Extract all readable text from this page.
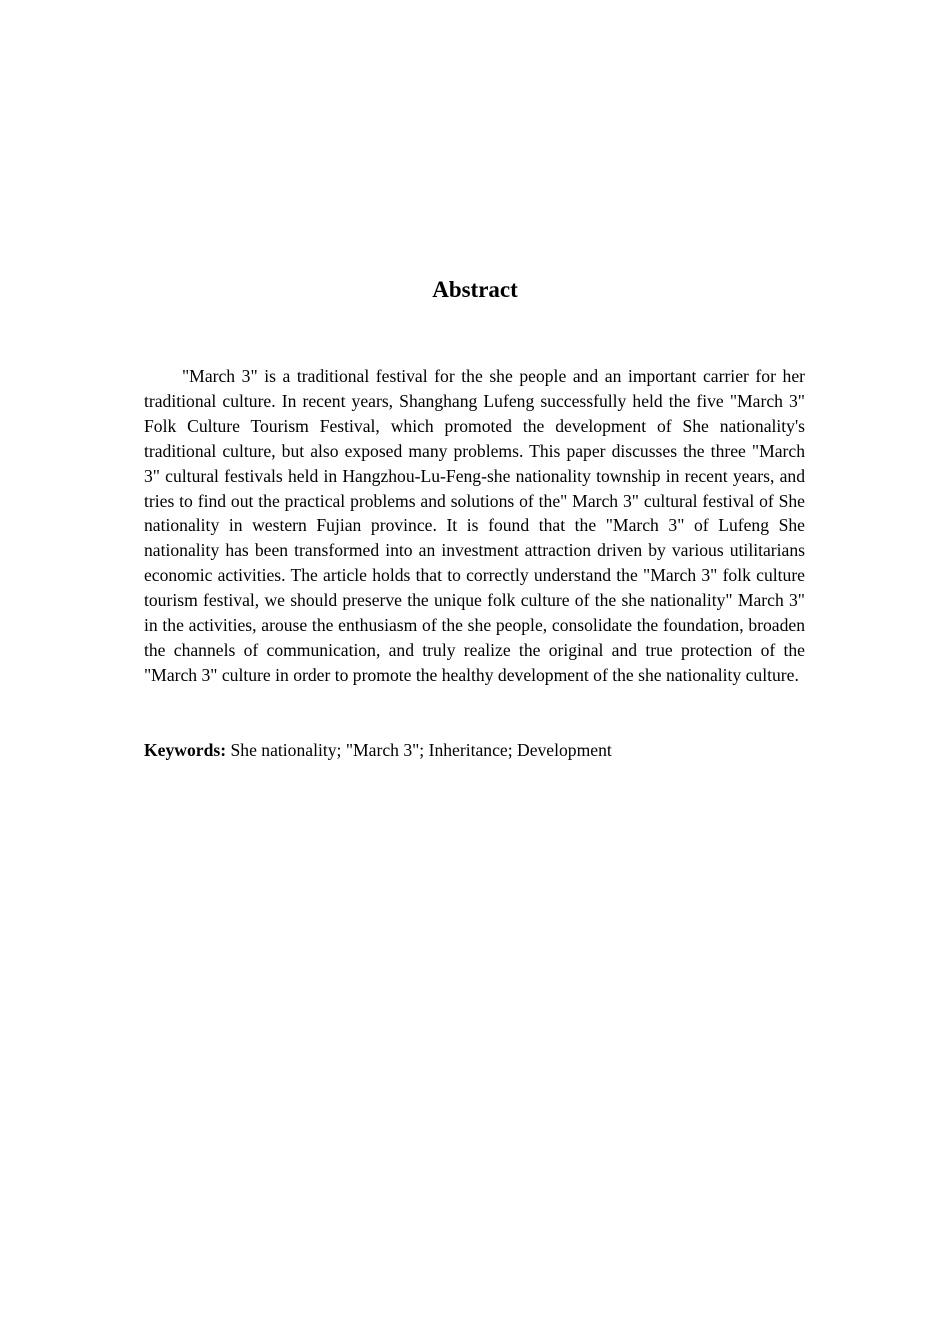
Abstract

"March 3" is a traditional festival for the she people and an important carrier for her traditional culture. In recent years, Shanghang Lufeng successfully held the five "March 3" Folk Culture Tourism Festival, which promoted the development of She nationality's traditional culture, but also exposed many problems. This paper discusses the three "March 3" cultural festivals held in Hangzhou-Lu-Feng-she nationality township in recent years, and tries to find out the practical problems and solutions of the" March 3" cultural festival of She nationality in western Fujian province. It is found that the "March 3" of Lufeng She nationality has been transformed into an investment attraction driven by various utilitarians economic activities. The article holds that to correctly understand the "March 3" folk culture tourism festival, we should preserve the unique folk culture of the she nationality" March 3" in the activities, arouse the enthusiasm of the she people, consolidate the foundation, broaden the channels of communication, and truly realize the original and true protection of the "March 3" culture in order to promote the healthy development of the she nationality culture.

Keywords: She nationality; "March 3"; Inheritance; Development
